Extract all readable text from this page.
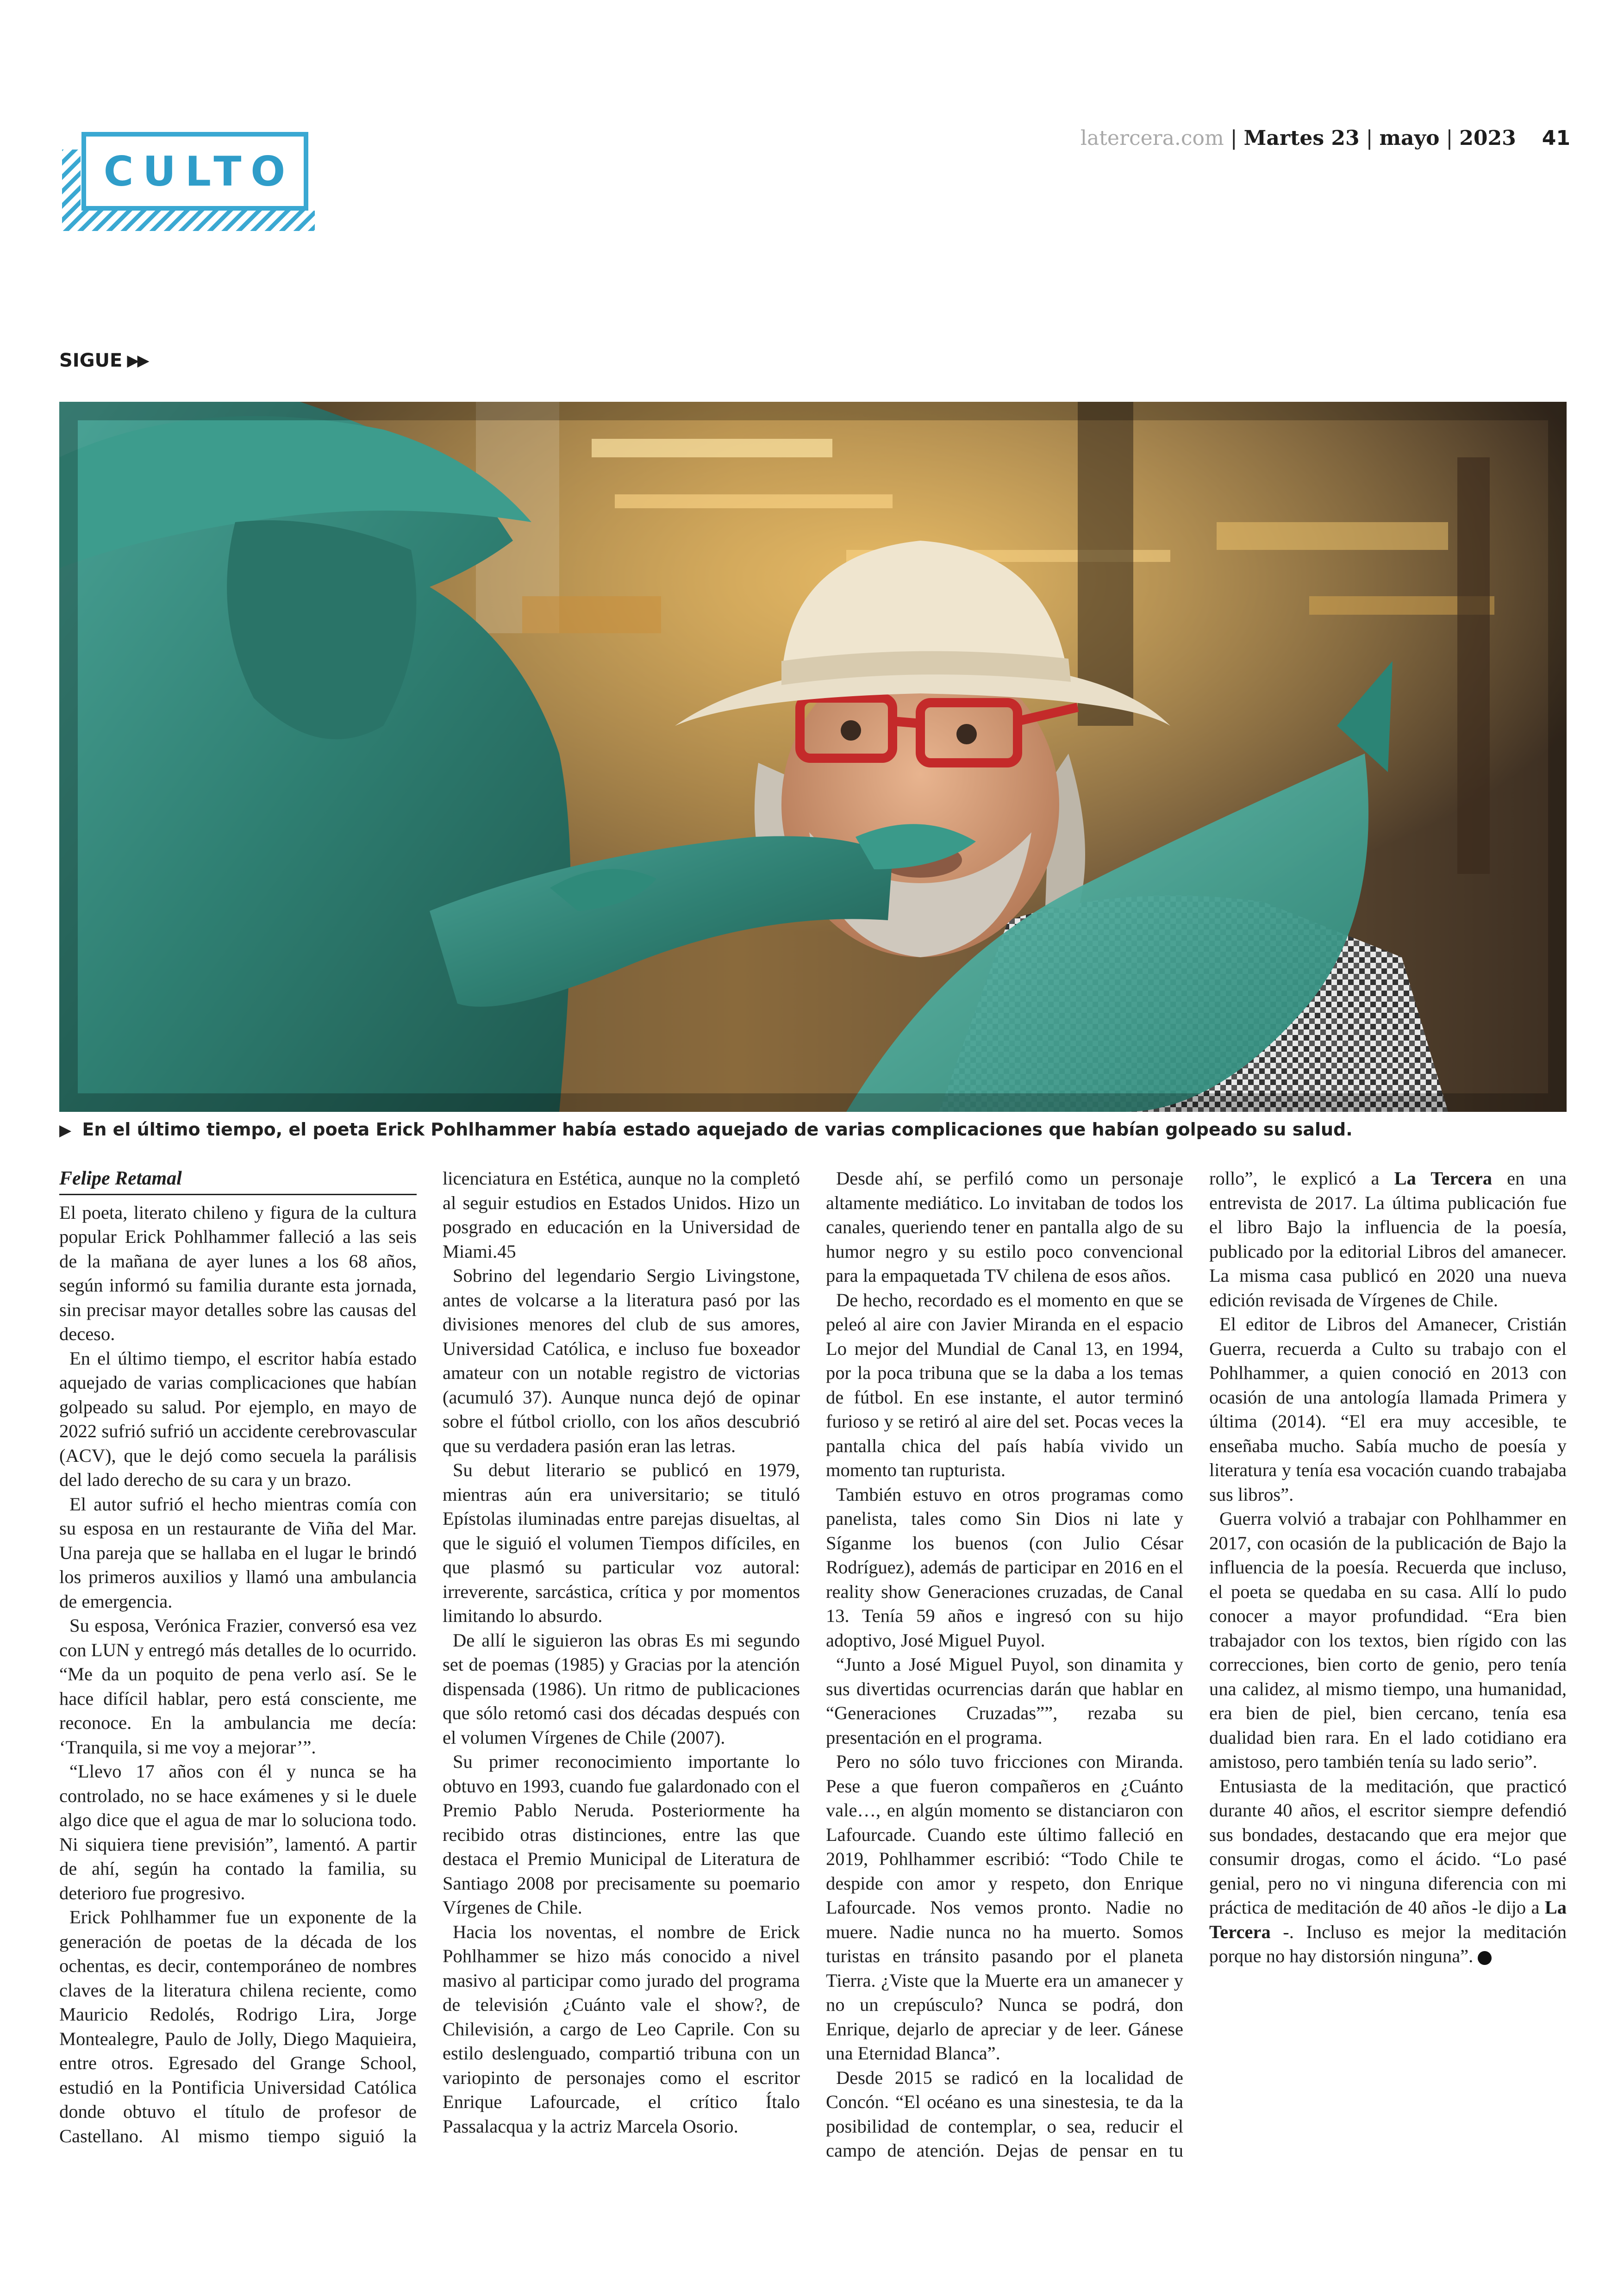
CULTO
latercera.com | Martes 23 | mayo | 2023 41
SIGUE ▶▶
▶ En el último tiempo, el poeta Erick Pohlhammer había estado aquejado de varias complicaciones que habían golpeado su salud.
Felipe Retamal

El poeta, literato chileno y figura de la cultura popular Erick Pohlhammer falleció a las seis de la mañana de ayer lunes a los 68 años, según informó su familia durante esta jornada, sin precisar mayor detalles sobre las causas del deceso.

En el último tiempo, el escritor había estado aquejado de varias complicaciones que habían golpeado su salud. Por ejemplo, en mayo de 2022 sufrió sufrió un accidente cerebrovascular (ACV), que le dejó como secuela la parálisis del lado derecho de su cara y un brazo.

El autor sufrió el hecho mientras comía con su esposa en un restaurante de Viña del Mar. Una pareja que se hallaba en el lugar le brindó los primeros auxilios y llamó una ambulancia de emergencia.

Su esposa, Verónica Frazier, conversó esa vez con LUN y entregó más detalles de lo ocurrido. “Me da un poquito de pena verlo así. Se le hace difícil hablar, pero está consciente, me reconoce. En la ambulancia me decía: ‘Tranquila, si me voy a mejorar’”.

“Llevo 17 años con él y nunca se ha controlado, no se hace exámenes y si le duele algo dice que el agua de mar lo soluciona todo. Ni siquiera tiene previsión”, lamentó. A partir de ahí, según ha contado la familia, su deterioro fue progresivo.

Erick Pohlhammer fue un exponente de la generación de poetas de la década de los ochentas, es decir, contemporáneo de nombres claves de la literatura chilena reciente, como Mauricio Redolés, Rodrigo Lira, Jorge Montealegre, Paulo de Jolly, Diego Maquieira, entre otros. Egresado del Grange School, estudió en la Pontificia Universidad Católica donde obtuvo el título de profesor de Castellano. Al mismo tiempo siguió la licenciatura en Estética, aunque no la completó al seguir estudios en Estados Unidos. Hizo un posgrado en educación en la Universidad de Miami.45

Sobrino del legendario Sergio Livingstone, antes de volcarse a la literatura pasó por las divisiones menores del club de sus amores, Universidad Católica, e incluso fue boxeador amateur con un notable registro de victorias (acumuló 37). Aunque nunca dejó de opinar sobre el fútbol criollo, con los años descubrió que su verdadera pasión eran las letras.

Su debut literario se publicó en 1979, mientras aún era universitario; se tituló Epístolas iluminadas entre parejas disueltas, al que le siguió el volumen Tiempos difíciles, en que plasmó su particular voz autoral: irreverente, sarcástica, crítica y por momentos limitando lo absurdo.

De allí le siguieron las obras Es mi segundo set de poemas (1985) y Gracias por la atención dispensada (1986). Un ritmo de publicaciones que sólo retomó casi dos décadas después con el volumen Vírgenes de Chile (2007).

Su primer reconocimiento importante lo obtuvo en 1993, cuando fue galardonado con el Premio Pablo Neruda. Posteriormente ha recibido otras distinciones, entre las que destaca el Premio Municipal de Literatura de Santiago 2008 por precisamente su poemario Vírgenes de Chile.

Hacia los noventas, el nombre de Erick Pohlhammer se hizo más conocido a nivel masivo al participar como jurado del programa de televisión ¿Cuánto vale el show?, de Chilevisión, a cargo de Leo Caprile. Con su estilo deslenguado, compartió tribuna con un variopinto de personajes como el escritor Enrique Lafourcade, el crítico Ítalo Passalacqua y la actriz Marcela Osorio.

Desde ahí, se perfiló como un personaje altamente mediático. Lo invitaban de todos los canales, queriendo tener en pantalla algo de su humor negro y su estilo poco convencional para la empaquetada TV chilena de esos años.

De hecho, recordado es el momento en que se peleó al aire con Javier Miranda en el espacio Lo mejor del Mundial de Canal 13, en 1994, por la poca tribuna que se la daba a los temas de fútbol. En ese instante, el autor terminó furioso y se retiró al aire del set. Pocas veces la pantalla chica del país había vivido un momento tan rupturista.

También estuvo en otros programas como panelista, tales como Sin Dios ni late y Síganme los buenos (con Julio César Rodríguez), además de participar en 2016 en el reality show Generaciones cruzadas, de Canal 13. Tenía 59 años e ingresó con su hijo adoptivo, José Miguel Puyol.

“Junto a José Miguel Puyol, son dinamita y sus divertidas ocurrencias darán que hablar en “Generaciones Cruzadas””, rezaba su presentación en el programa.

Pero no sólo tuvo fricciones con Miranda. Pese a que fueron compañeros en ¿Cuánto vale…, en algún momento se distanciaron con Lafourcade. Cuando este último falleció en 2019, Pohlhammer escribió: “Todo Chile te despide con amor y respeto, don Enrique Lafourcade. Nos vemos pronto. Nadie no muere. Nadie nunca no ha muerto. Somos turistas en tránsito pasando por el planeta Tierra. ¿Viste que la Muerte era un amanecer y no un crepúsculo? Nunca se podrá, don Enrique, dejarlo de apreciar y de leer. Gánese una Eternidad Blanca”.

Desde 2015 se radicó en la localidad de Concón. “El océano es una sinestesia, te da la posibilidad de contemplar, o sea, reducir el campo de atención. Dejas de pensar en tu rollo”, le explicó a La Tercera en una entrevista de 2017. La última publicación fue el libro Bajo la influencia de la poesía, publicado por la editorial Libros del amanecer. La misma casa publicó en 2020 una nueva edición revisada de Vírgenes de Chile.

El editor de Libros del Amanecer, Cristián Guerra, recuerda a Culto su trabajo con el Pohlhammer, a quien conoció en 2013 con ocasión de una antología llamada Primera y última (2014). “El era muy accesible, te enseñaba mucho. Sabía mucho de poesía y literatura y tenía esa vocación cuando trabajaba sus libros”.

Guerra volvió a trabajar con Pohlhammer en 2017, con ocasión de la publicación de Bajo la influencia de la poesía. Recuerda que incluso, el poeta se quedaba en su casa. Allí lo pudo conocer a mayor profundidad. “Era bien trabajador con los textos, bien rígido con las correcciones, bien corto de genio, pero tenía una calidez, al mismo tiempo, una humanidad, era bien de piel, bien cercano, tenía esa dualidad bien rara. En el lado cotidiano era amistoso, pero también tenía su lado serio”.

Entusiasta de la meditación, que practicó durante 40 años, el escritor siempre defendió sus bondades, destacando que era mejor que consumir drogas, como el ácido. “Lo pasé genial, pero no vi ninguna diferencia con mi práctica de meditación de 40 años -le dijo a La Tercera -. Incluso es mejor la meditación porque no hay distorsión ninguna”.
